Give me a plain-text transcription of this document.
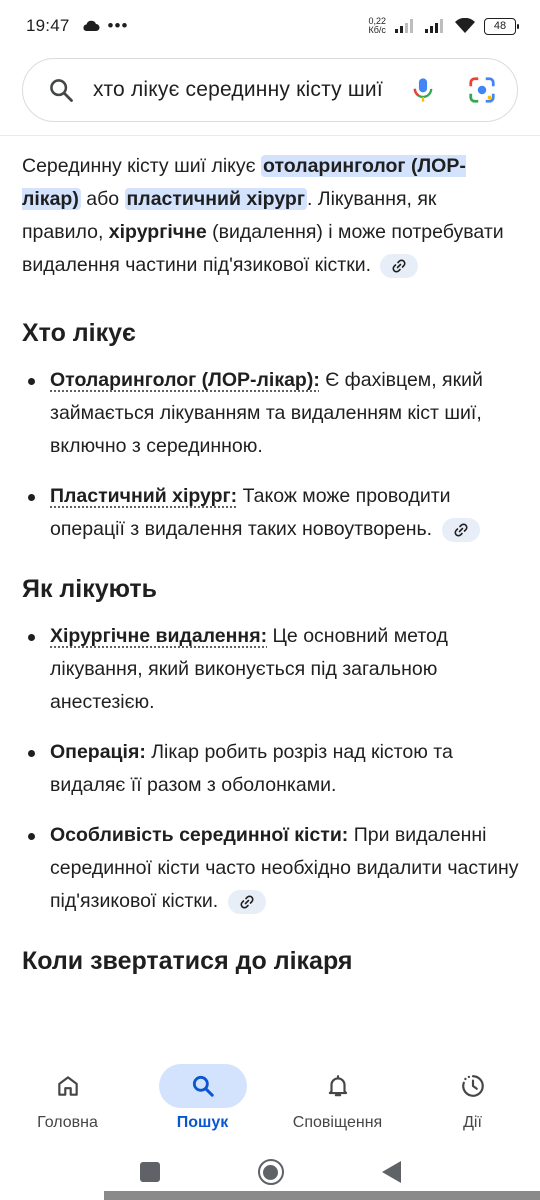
19:47 •••	0,22
Кб/с	48
хто лікує серединну кісту шиї

Серединну кісту шиї лікує отоларинголог (ЛОР-лікар) або пластичний хірург . Лікування, як правило, хірургічне (видалення) і може потребувати видалення частини під'язикової кістки.

Хто лікує
Отоларинголог (ЛОР-лікар): Є фахівцем, який займається лікуванням та видаленням кіст шиї, включно з серединною.
Пластичний хірург: Також може проводити операції з видалення таких новоутворень.
Як лікують
Хірургічне видалення: Це основний метод лікування, який виконується під загальною анестезією.
Операція: Лікар робить розріз над кістою та видаляє її разом з оболонками.
Особливість серединної кісти: При видаленні серединної кісти часто необхідно видалити частину під'язикової кістки.
Коли звертатися до лікаря
Головна	Пошук	Сповіщення	Дії
